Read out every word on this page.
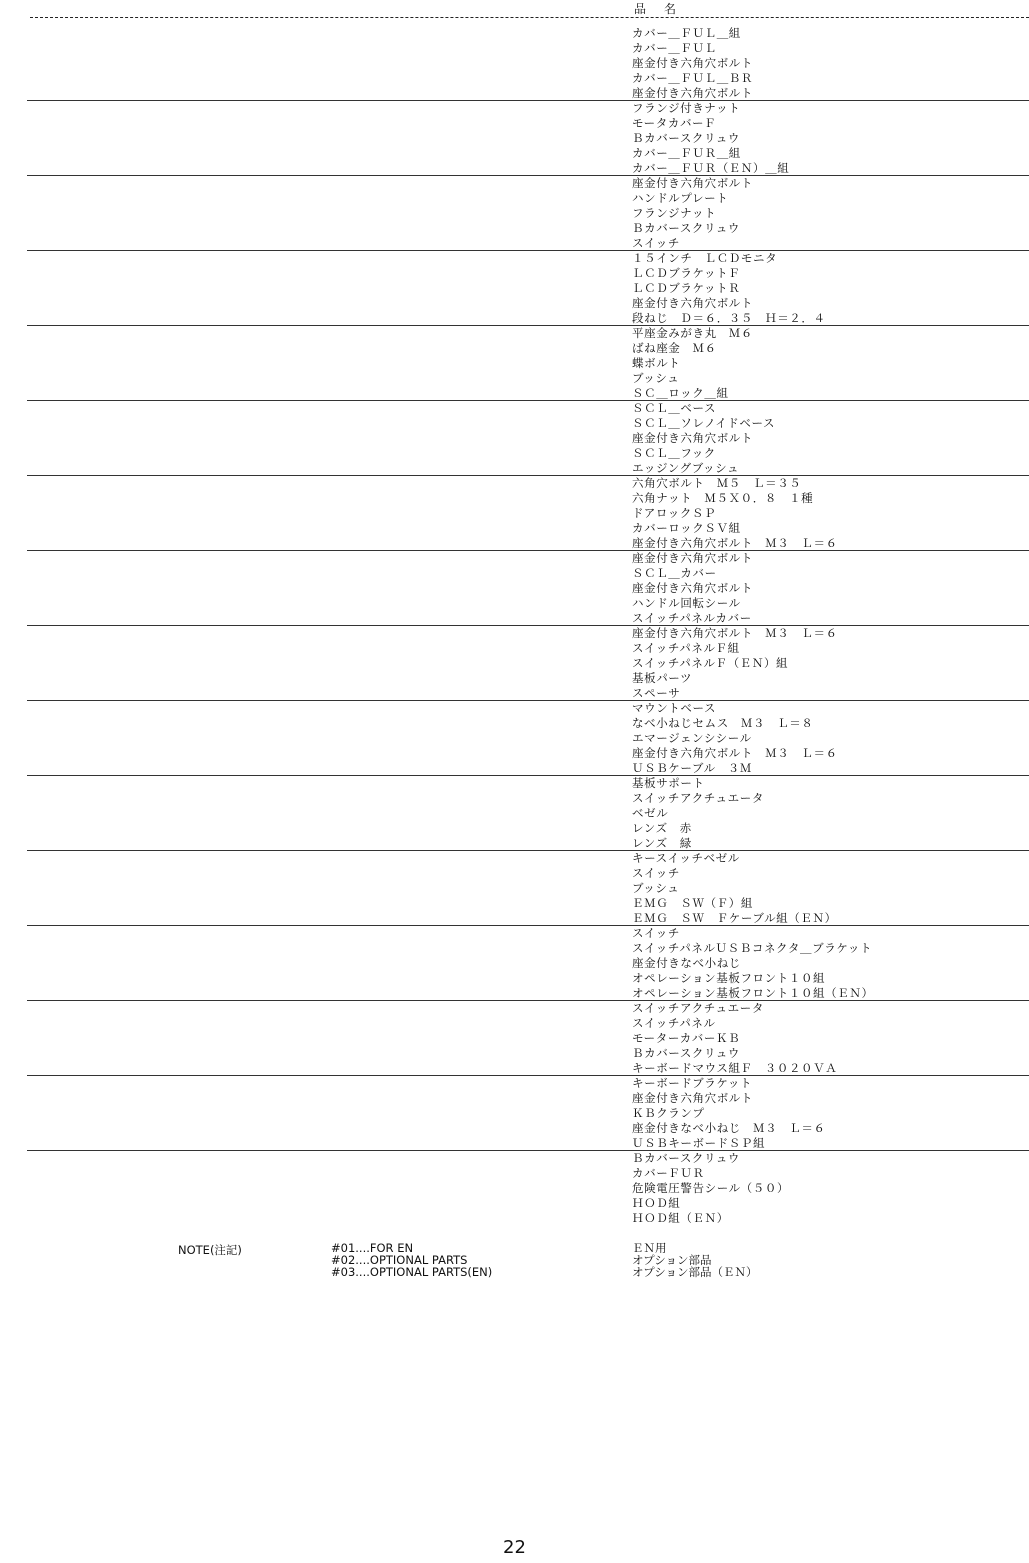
品名
カバー＿ＦＵＬ＿組
カバー＿ＦＵＬ
座金付き六角穴ボルト
カバー＿ＦＵＬ＿ＢＲ
座金付き六角穴ボルト
フランジ付きナット
モータカバーＦ
Ｂカバースクリュウ
カバー＿ＦＵＲ＿組
カバー＿ＦＵＲ（ＥＮ）＿組
座金付き六角穴ボルト
ハンドルプレート
フランジナット
Ｂカバースクリュウ
スイッチ
１５インチ　ＬＣＤモニタ
ＬＣＤブラケットＦ
ＬＣＤブラケットＲ
座金付き六角穴ボルト
段ねじ　Ｄ＝６．３５　Ｈ＝２．４
平座金みがき丸　Ｍ６
ばね座金　Ｍ６
蝶ボルト
ブッシュ
ＳＣ＿ロック＿組
ＳＣＬ＿ベース
ＳＣＬ＿ソレノイドベース
座金付き六角穴ボルト
ＳＣＬ＿フック
エッジングブッシュ
六角穴ボルト　Ｍ５　Ｌ＝３５
六角ナット　Ｍ５Ｘ０．８　１種
ドアロックＳＰ
カバーロックＳＶ組
座金付き六角穴ボルト　Ｍ３　Ｌ＝６
座金付き六角穴ボルト
ＳＣＬ＿カバー
座金付き六角穴ボルト
ハンドル回転シール
スイッチパネルカバー
座金付き六角穴ボルト　Ｍ３　Ｌ＝６
スイッチパネルＦ組
スイッチパネルＦ（ＥＮ）組
基板パーツ
スペーサ
マウントベース
なべ小ねじセムス　Ｍ３　Ｌ＝８
エマージェンシシール
座金付き六角穴ボルト　Ｍ３　Ｌ＝６
ＵＳＢケーブル　３Ｍ
基板サポート
スイッチアクチュエータ
ベゼル
レンズ　赤
レンズ　緑
キースイッチベゼル
スイッチ
ブッシュ
ＥＭＧ　ＳＷ（Ｆ）組
ＥＭＧ　ＳＷ　Ｆケーブル組（ＥＮ）
スイッチ
スイッチパネルＵＳＢコネクタ＿ブラケット
座金付きなべ小ねじ
オペレーション基板フロント１０組
オペレーション基板フロント１０組（ＥＮ）
スイッチアクチュエータ
スイッチパネル
モーターカバーＫＢ
Ｂカバースクリュウ
キーボードマウス組Ｆ　３０２０ＶＡ
キーボードブラケット
座金付き六角穴ボルト
ＫＢクランプ
座金付きなべ小ねじ　Ｍ３　Ｌ＝６
ＵＳＢキーボードＳＰ組
Ｂカバースクリュウ
カバーＦＵＲ
危険電圧警告シール（５０）
ＨＯＤ組
ＨＯＤ組（ＥＮ）
NOTE(注記)	#01....FOR EN
#02....OPTIONAL PARTS
#03....OPTIONAL PARTS(EN)
ＥＮ用
オプション部品
オプション部品（ＥＮ）
22
